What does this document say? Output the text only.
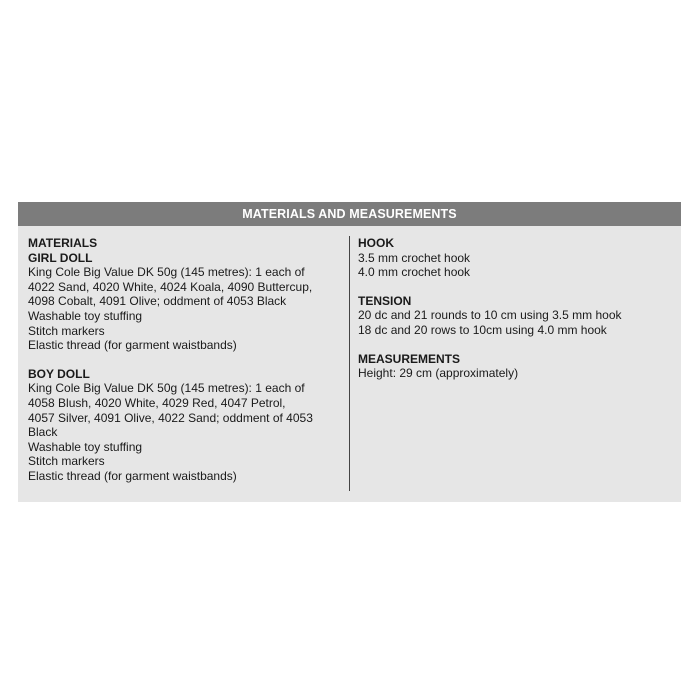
MATERIALS AND MEASUREMENTS
MATERIALS
GIRL DOLL
King Cole Big Value DK 50g (145 metres): 1 each of
4022 Sand, 4020 White, 4024 Koala, 4090 Buttercup,
4098 Cobalt, 4091 Olive; oddment of 4053 Black
Washable toy stuffing
Stitch markers
Elastic thread (for garment waistbands)
BOY DOLL
King Cole Big Value DK 50g (145 metres): 1 each of
4058 Blush, 4020 White, 4029 Red, 4047 Petrol,
4057 Silver, 4091 Olive, 4022 Sand; oddment of 4053
Black
Washable toy stuffing
Stitch markers
Elastic thread (for garment waistbands)
HOOK
3.5 mm crochet hook
4.0 mm crochet hook
TENSION
20 dc and 21 rounds to 10 cm using 3.5 mm hook
18 dc and 20 rows to 10cm using 4.0 mm hook
MEASUREMENTS
Height: 29 cm (approximately)
